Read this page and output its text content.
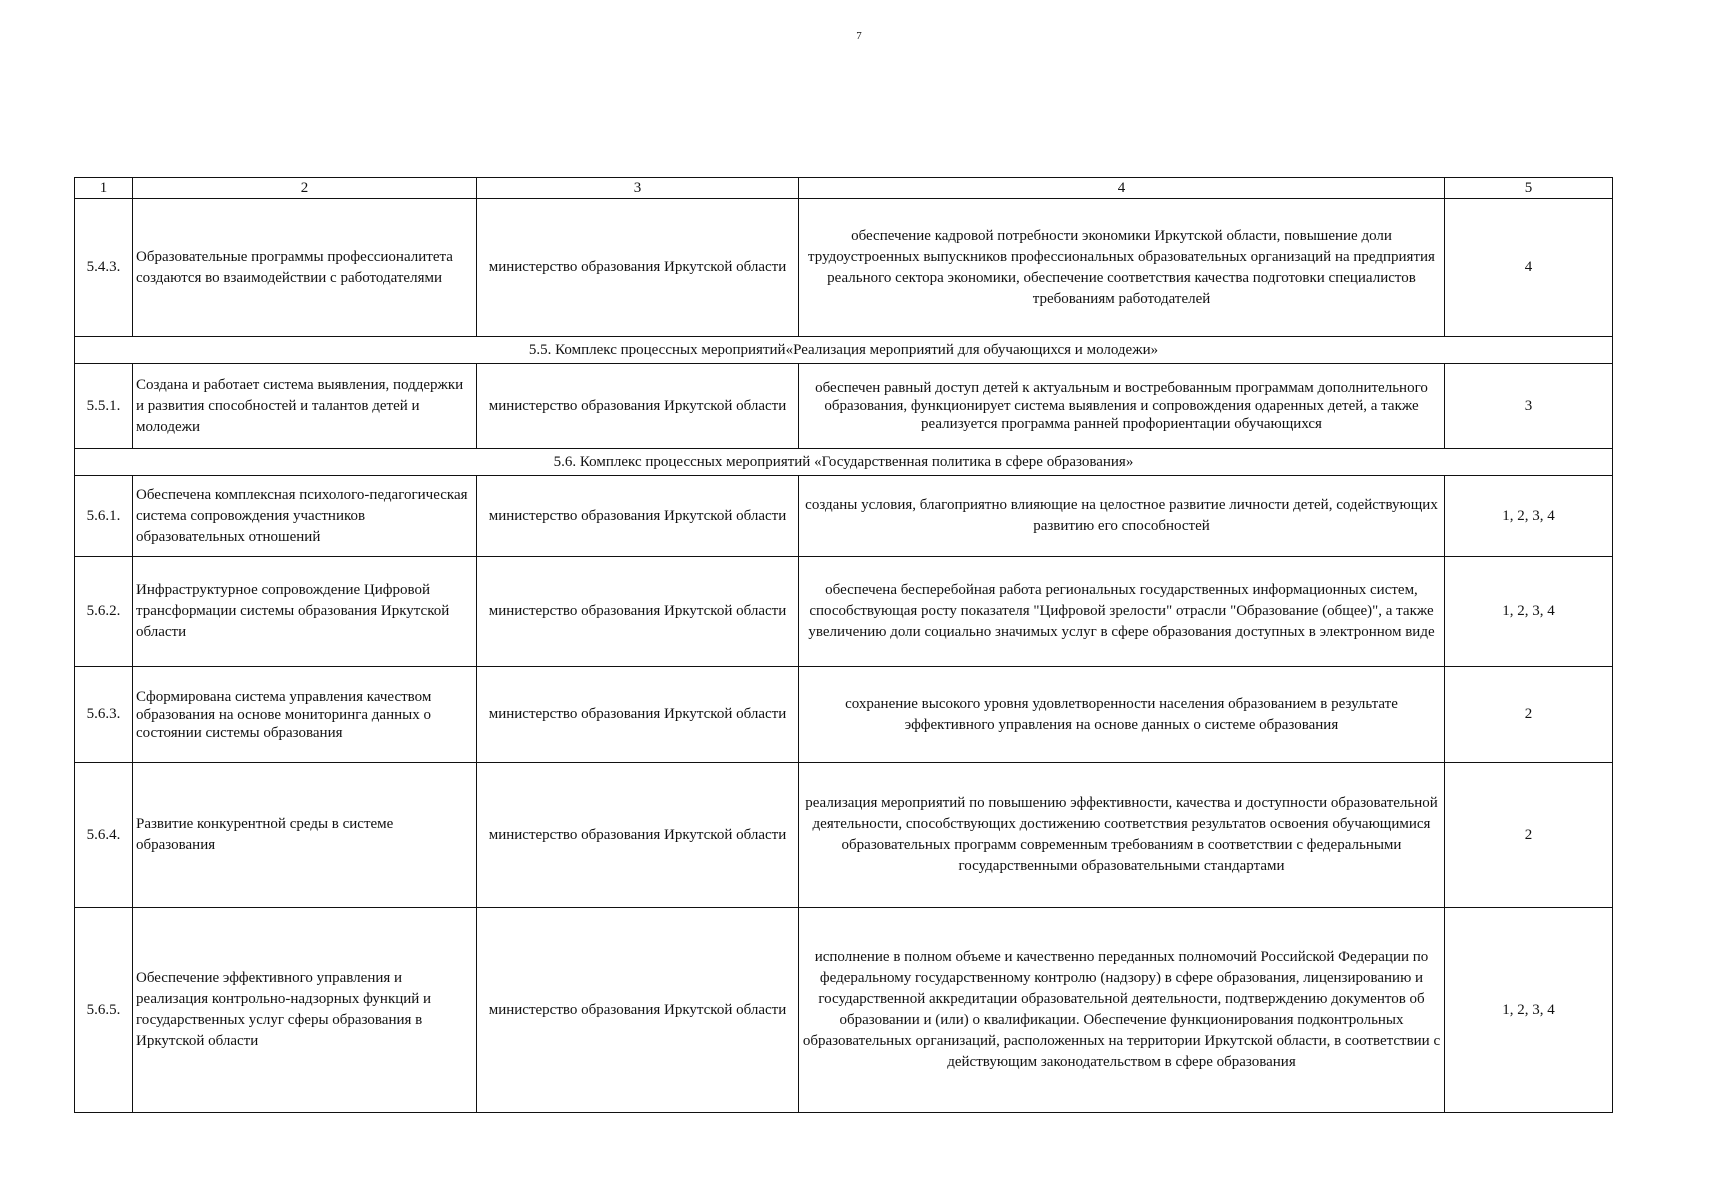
7
1	2	3	4	5
5.4.3.	Образовательные программы профессионалитета создаются во взаимодействии с работодателями	министерство образования Иркутской области	обеспечение кадровой потребности экономики Иркутской области, повышение доли трудоустроенных выпускников профессиональных образовательных организаций на предприятия реального сектора экономики, обеспечение соответствия качества подготовки специалистов требованиям работодателей	4
5.5. Комплекс процессных мероприятий«Реализация мероприятий для обучающихся и молодежи»				
5.5.1.	Создана и работает система выявления, поддержки и развития способностей и талантов детей и молодежи	министерство образования Иркутской области	обеспечен равный доступ детей к актуальным и востребованным программам дополнительного образования, функционирует система выявления и сопровождения одаренных детей, а также реализуется программа ранней профориентации обучающихся	3
5.6. Комплекс процессных мероприятий «Государственная политика в сфере образования»				
5.6.1.	Обеспечена комплексная психолого-педагогическая система сопровождения участников образовательных отношений	министерство образования Иркутской области	созданы условия, благоприятно влияющие на целостное развитие личности детей, содействующих развитию его способностей	1, 2, 3, 4
5.6.2.	Инфраструктурное сопровождение Цифровой трансформации системы образования Иркутской области	министерство образования Иркутской области	обеспечена бесперебойная работа региональных государственных информационных систем, способствующая росту показателя "Цифровой зрелости" отрасли "Образование (общее)", а также увеличению доли социально значимых услуг в сфере образования доступных в электронном виде	1, 2, 3, 4
5.6.3.	Сформирована система управления качеством образования на основе мониторинга данных о состоянии системы образования	министерство образования Иркутской области	сохранение высокого уровня удовлетворенности населения образованием в результате эффективного управления на основе данных о системе образования	2
5.6.4.	Развитие конкурентной среды в системе образования	министерство образования Иркутской области	реализация мероприятий по повышению эффективности, качества и доступности образовательной деятельности, способствующих достижению соответствия результатов освоения обучающимися образовательных программ современным требованиям в соответствии с федеральными государственными образовательными стандартами	2
5.6.5.	Обеспечение эффективного управления и реализация контрольно-надзорных функций и государственных услуг сферы образования в Иркутской области	министерство образования Иркутской области	исполнение в полном объеме и качественно переданных полномочий Российской Федерации по федеральному государственному контролю (надзору) в сфере образования, лицензированию и государственной аккредитации образовательной деятельности, подтверждению документов об образовании и (или) о квалификации. Обеспечение функционирования подконтрольных образовательных организаций, расположенных на территории Иркутской области, в соответствии с действующим законодательством в сфере образования	1, 2, 3, 4
